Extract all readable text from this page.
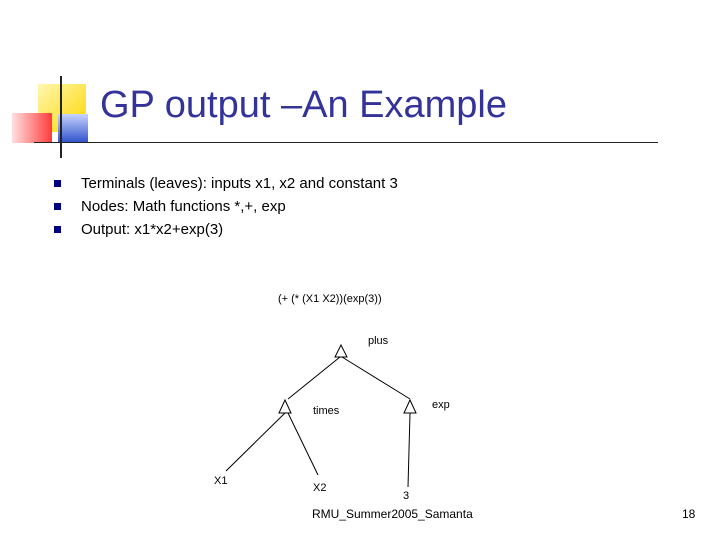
GP output –An Example
Terminals (leaves): inputs x1, x2 and constant 3
Nodes: Math functions *,+, exp
Output: x1*x2+exp(3)
(+ (* (X1 X2))(exp(3))
plus
times	exp
X1
X2
3
RMU_Summer2005_Samanta	18
